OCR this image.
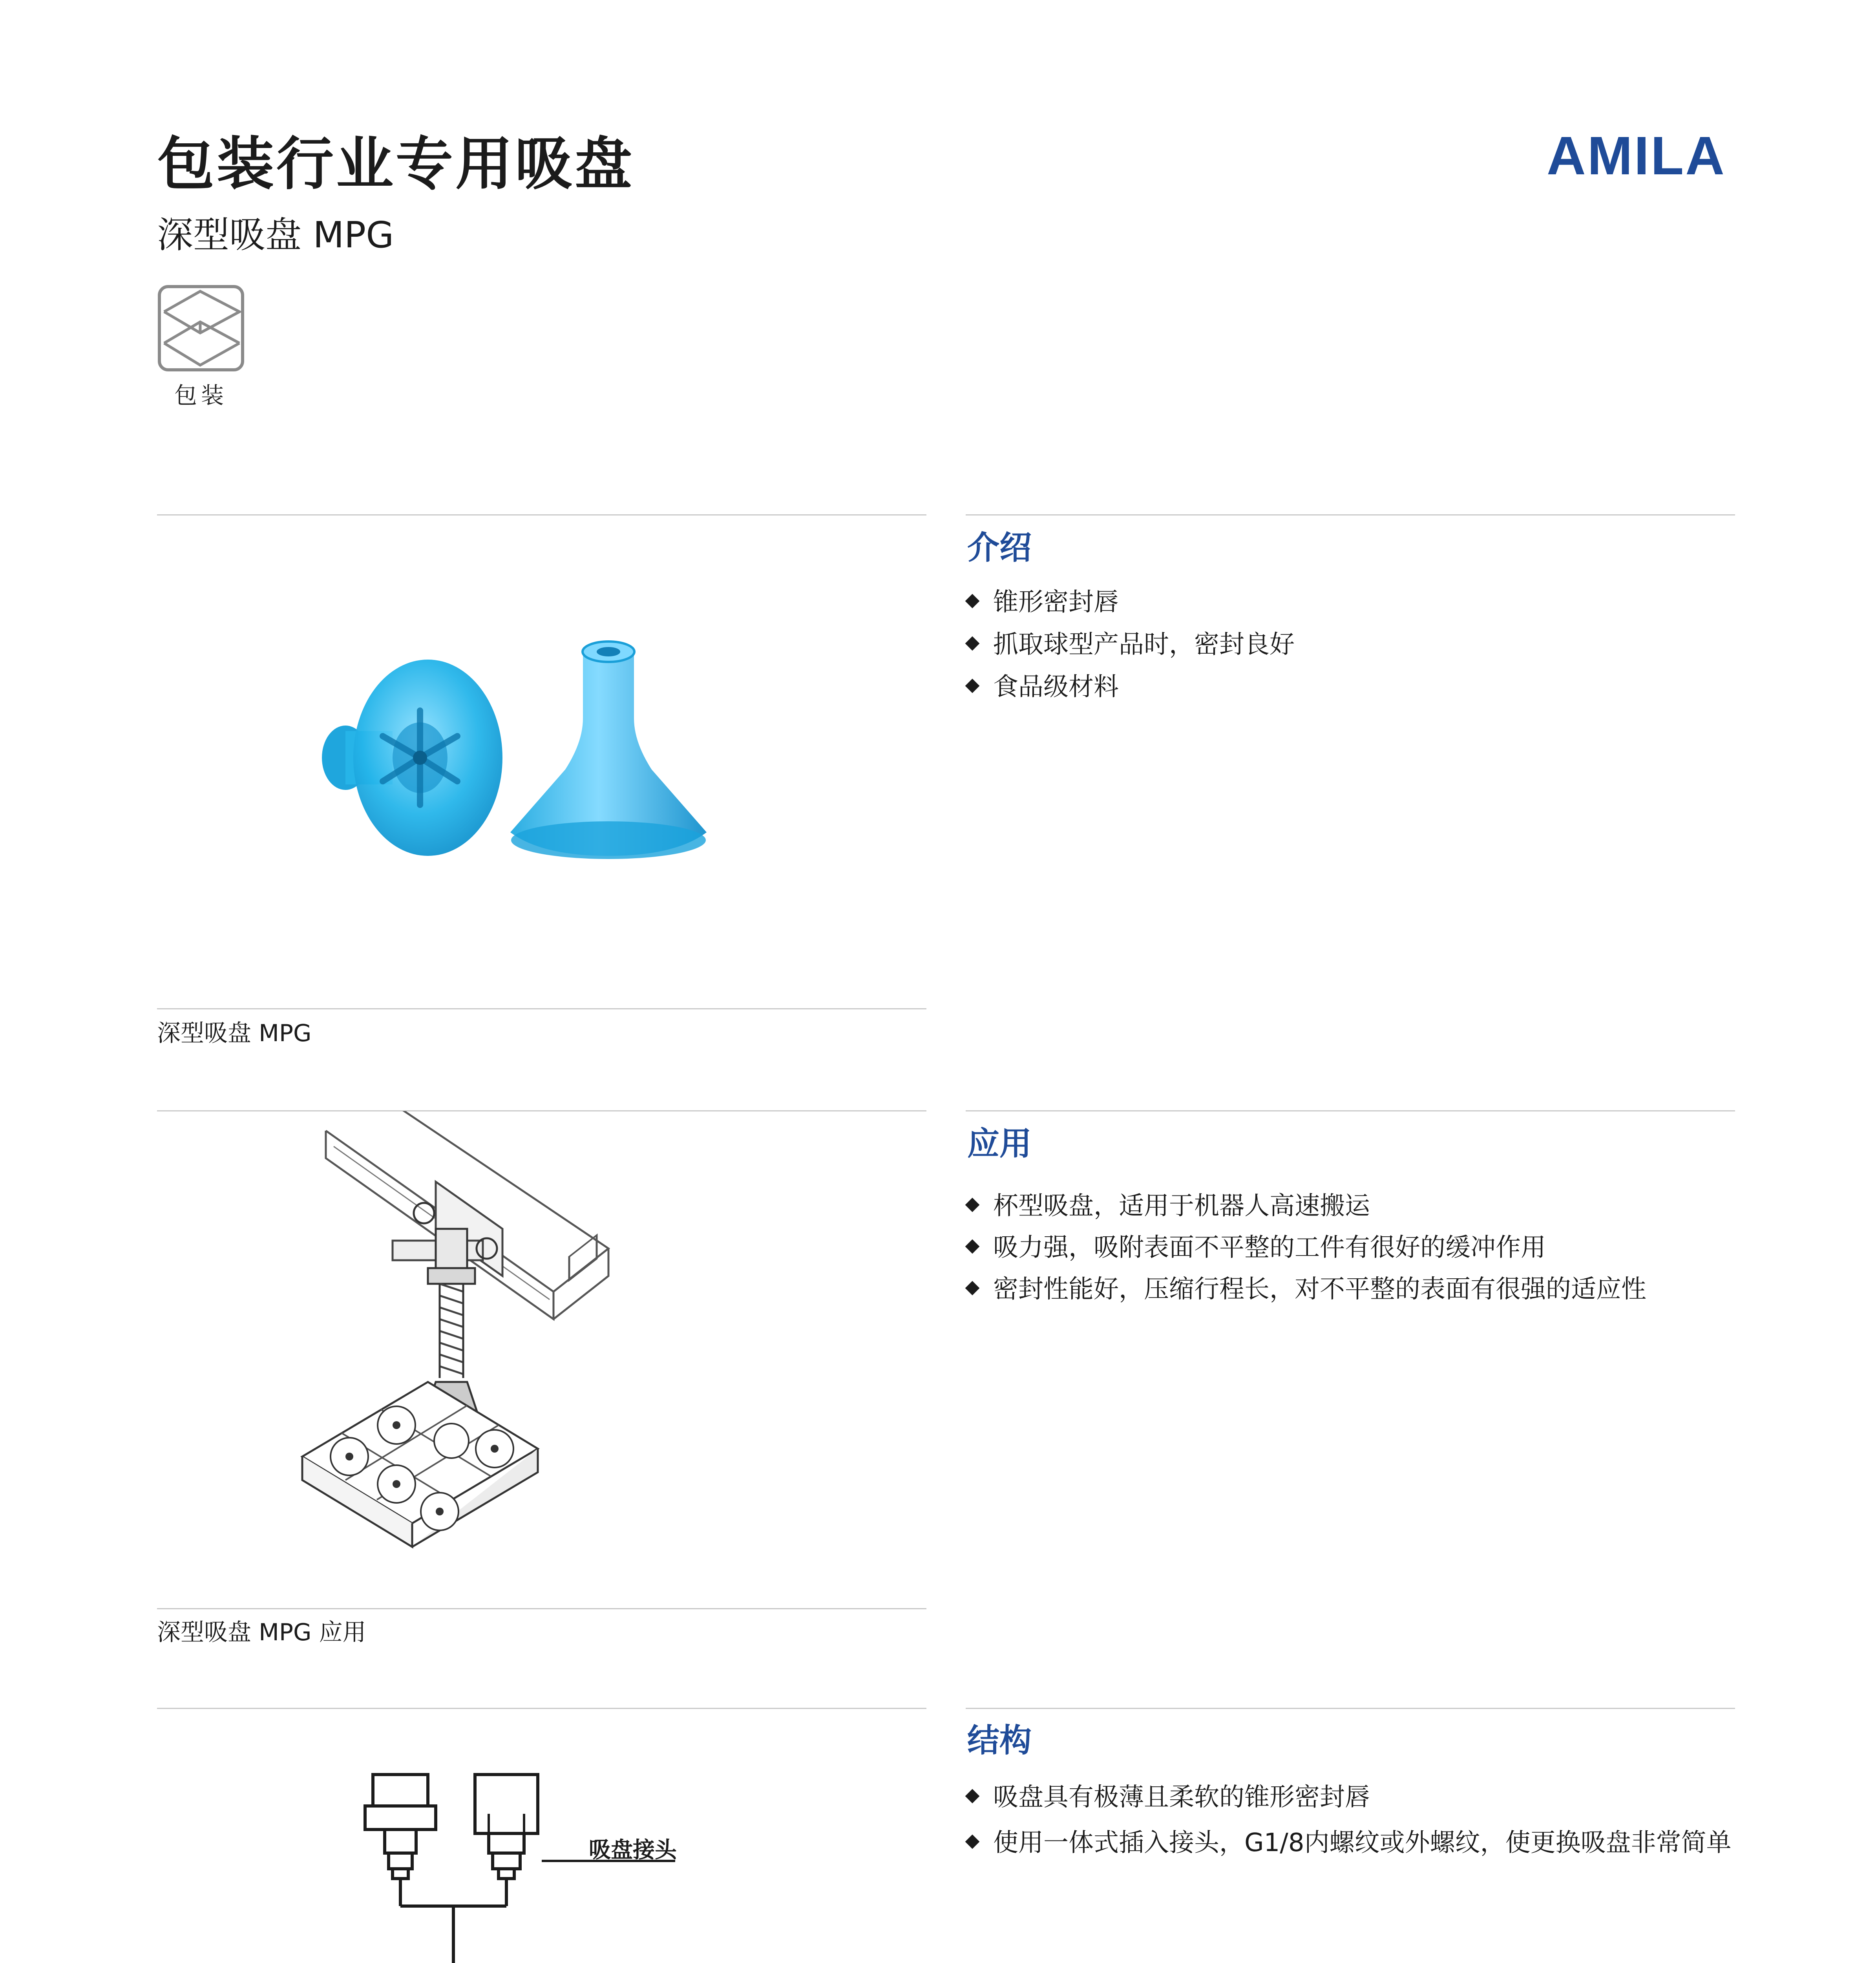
包装行业专用吸盘
深型吸盘 MPG
AMILA
包装
介绍
锥形密封唇
抓取球型产品时，密封良好
食品级材料
深型吸盘 MPG
应用
杯型吸盘，适用于机器人高速搬运
吸力强，吸附表面不平整的工件有很好的缓冲作用
密封性能好，压缩行程长，对不平整的表面有很强的适应性
深型吸盘 MPG 应用
结构
吸盘具有极薄且柔软的锥形密封唇
使用一体式插入接头，G1/8内螺纹或外螺纹，使更换吸盘非常简单
吸盘接头
